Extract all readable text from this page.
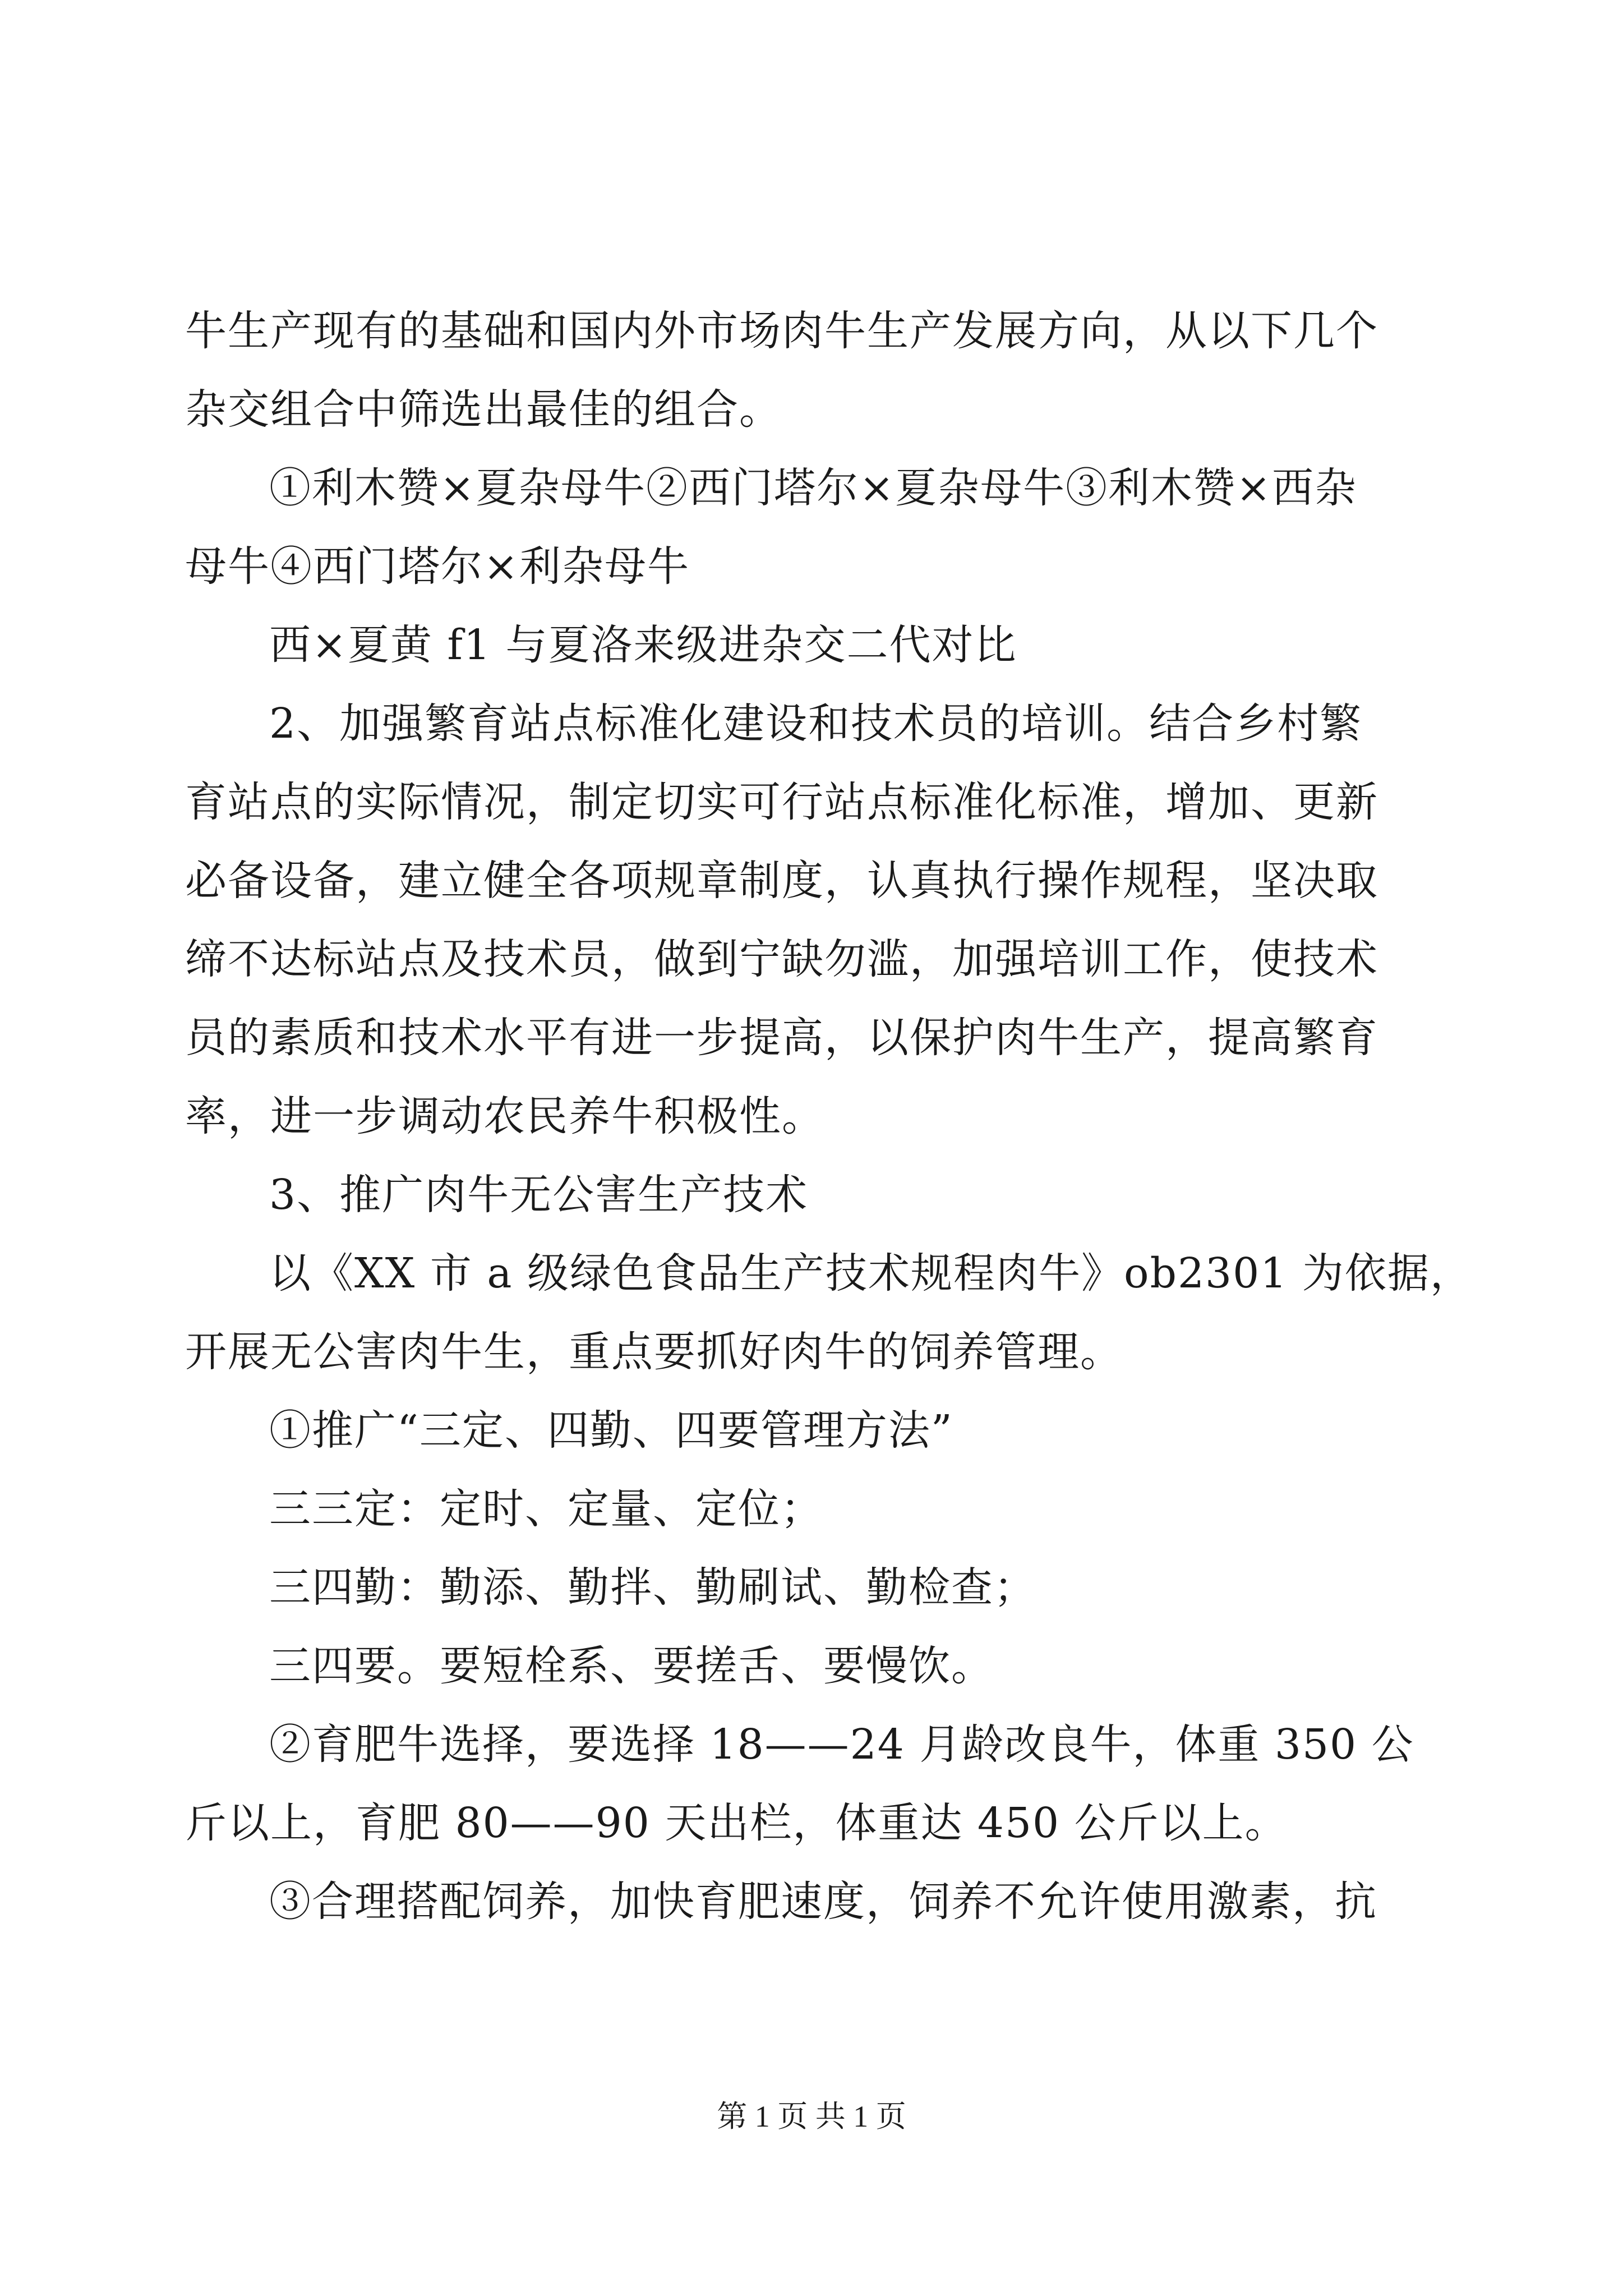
牛生产现有的基础和国内外市场肉牛生产发展方向，从以下几个
杂交组合中筛选出最佳的组合。
①利木赞×夏杂母牛②西门塔尔×夏杂母牛③利木赞×西杂
母牛④西门塔尔×利杂母牛
西×夏黄 f1 与夏洛来级进杂交二代对比
2、加强繁育站点标准化建设和技术员的培训。结合乡村繁
育站点的实际情况，制定切实可行站点标准化标准，增加、更新
必备设备，建立健全各项规章制度，认真执行操作规程，坚决取
缔不达标站点及技术员，做到宁缺勿滥，加强培训工作，使技术
员的素质和技术水平有进一步提高，以保护肉牛生产，提高繁育
率，进一步调动农民养牛积极性。
3、推广肉牛无公害生产技术
以《XX 市 a 级绿色食品生产技术规程肉牛》ob2301 为依据，
开展无公害肉牛生，重点要抓好肉牛的饲养管理。
①推广“三定、四勤、四要管理方法”
三三定：定时、定量、定位；
三四勤：勤添、勤拌、勤刷试、勤检查；
三四要。要短栓系、要搓舌、要慢饮。
②育肥牛选择，要选择 18——24 月龄改良牛，体重 350 公
斤以上，育肥 80——90 天出栏，体重达 450 公斤以上。
③合理搭配饲养，加快育肥速度，饲养不允许使用激素，抗
第 1 页 共 1 页
